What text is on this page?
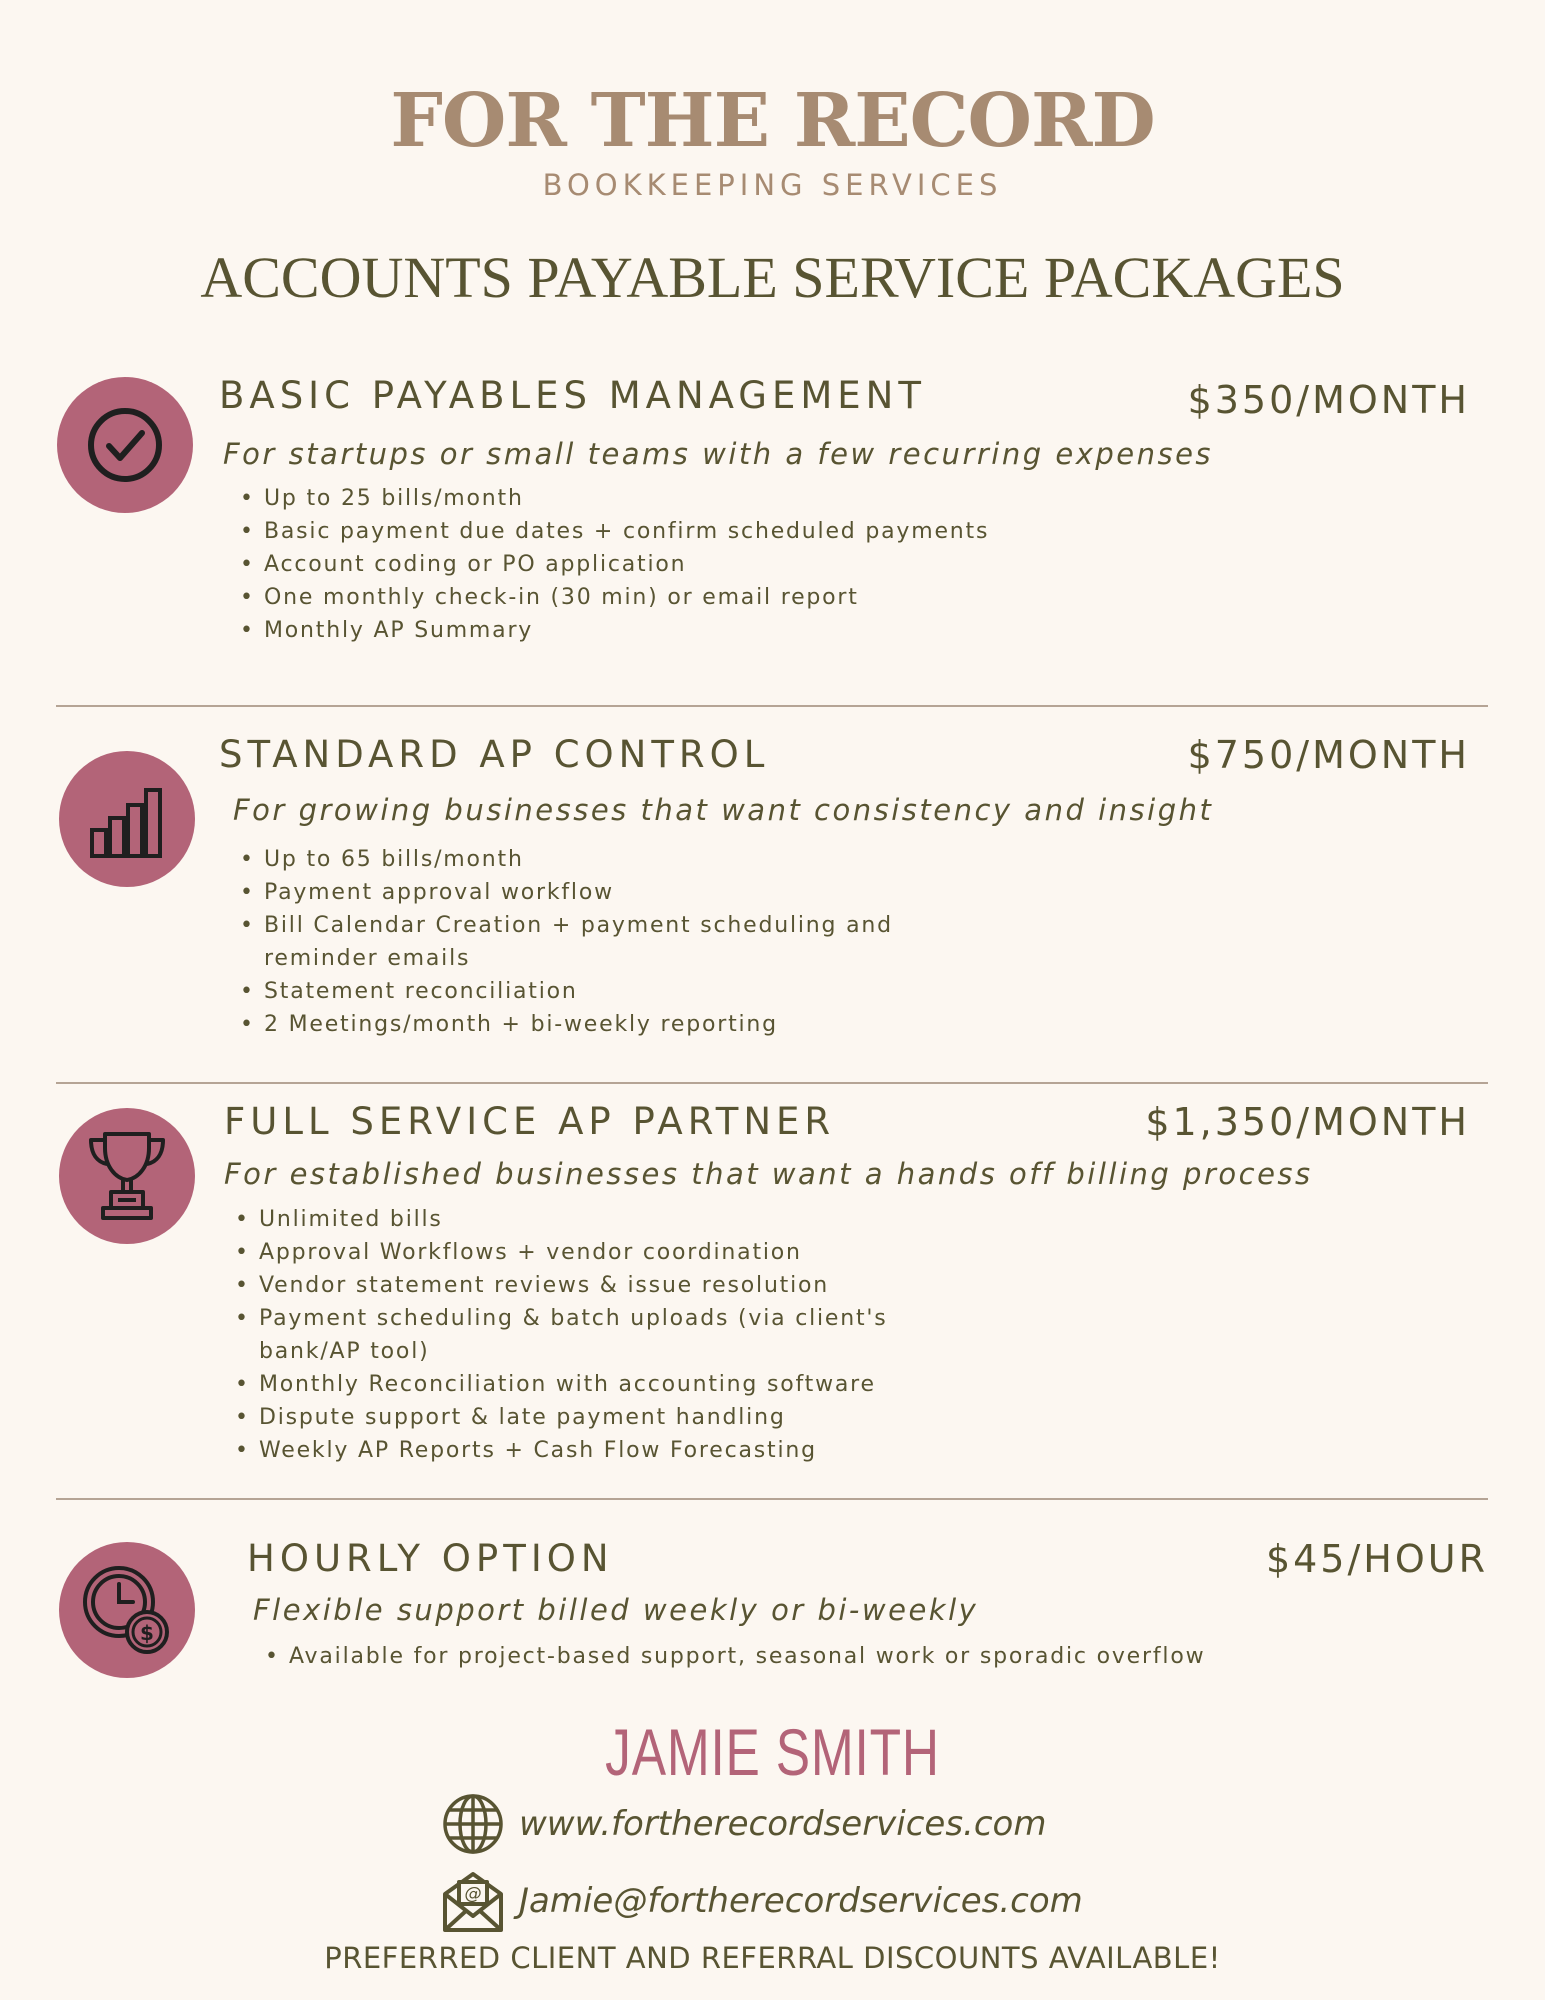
FOR THE RECORD
BOOKKEEPING SERVICES
ACCOUNTS PAYABLE SERVICE PACKAGES
BASIC PAYABLES MANAGEMENT	$350/MONTH
For startups or small teams with a few recurring expenses
• Up to 25 bills/month
• Basic payment due dates + confirm scheduled payments
• Account coding or PO application
• One monthly check-in (30 min) or email report
• Monthly AP Summary
STANDARD AP CONTROL	$750/MONTH
For growing businesses that want consistency and insight
• Up to 65 bills/month
• Payment approval workflow
• Bill Calendar Creation + payment scheduling and reminder emails
• Statement reconciliation
• 2 Meetings/month + bi-weekly reporting
FULL SERVICE AP PARTNER	$1,350/MONTH
For established businesses that want a hands off billing process
• Unlimited bills
• Approval Workflows + vendor coordination
• Vendor statement reviews & issue resolution
• Payment scheduling & batch uploads (via client's bank/AP tool)
• Monthly Reconciliation with accounting software
• Dispute support & late payment handling
• Weekly AP Reports + Cash Flow Forecasting
$
HOURLY OPTION	$45/HOUR
Flexible support billed weekly or bi-weekly
• Available for project-based support, seasonal work or sporadic overflow
JAMIE SMITH
www.fortherecordservices.com
@ Jamie@fortherecordservices.com
PREFERRED CLIENT AND REFERRAL DISCOUNTS AVAILABLE!
